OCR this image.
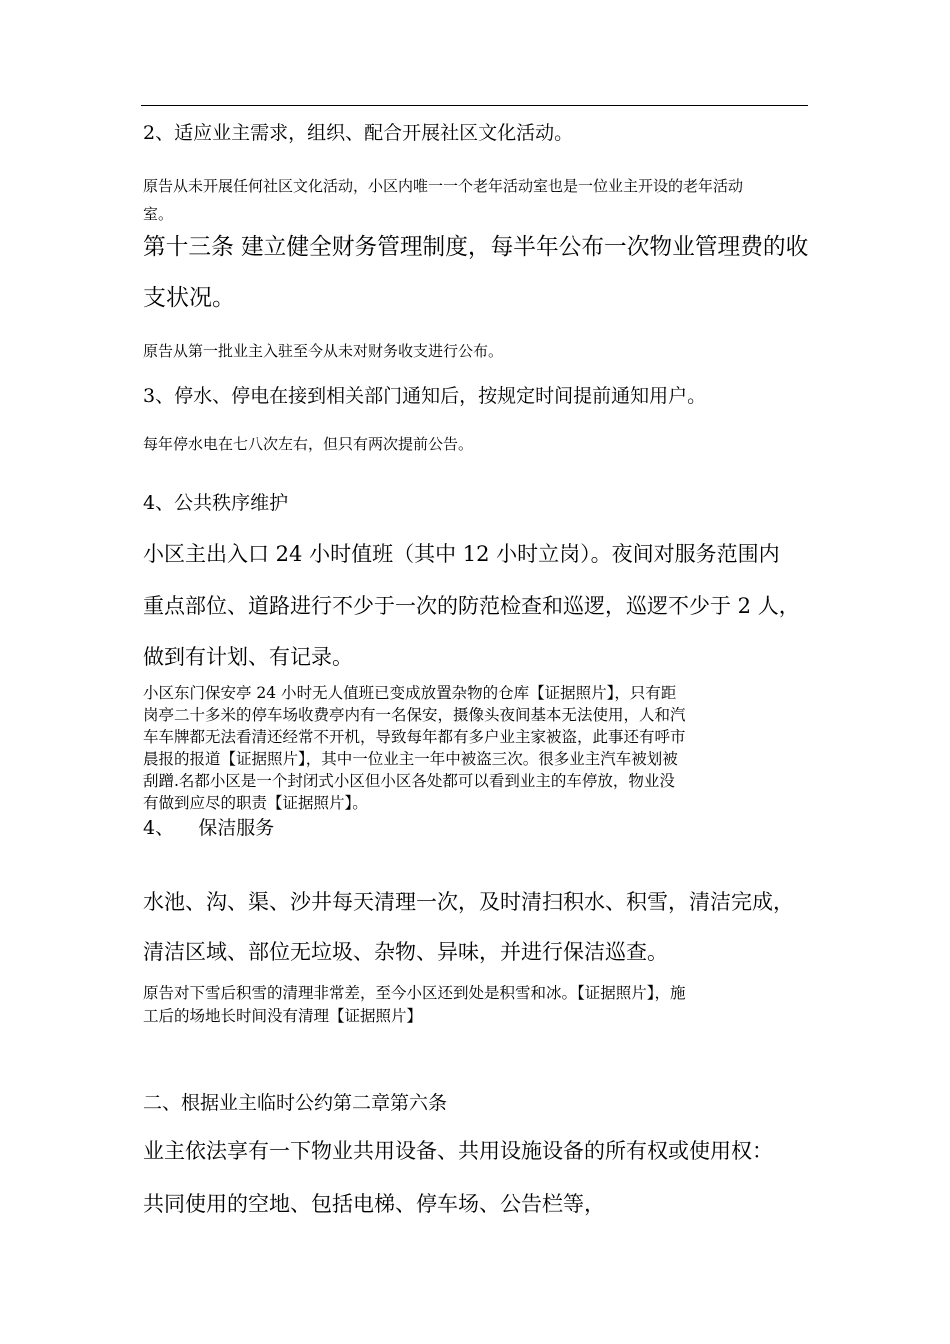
2、适应业主需求，组织、配合开展社区文化活动。

原告从未开展任何社区文化活动，小区内唯一一个老年活动室也是一位业主开设的老年活动

室。

第十三条 建立健全财务管理制度，每半年公布一次物业管理费的收

支状况。

原告从第一批业主入驻至今从未对财务收支进行公布。

3、停水、停电在接到相关部门通知后，按规定时间提前通知用户。

每年停水电在七八次左右，但只有两次提前公告。

4、公共秩序维护

小区主出入口 24 小时值班（其中 12 小时立岗）。夜间对服务范围内

重点部位、道路进行不少于一次的防范检查和巡逻，巡逻不少于 2 人，

做到有计划、有记录。

小区东门保安亭 24 小时无人值班已变成放置杂物的仓库【证据照片】，只有距

岗亭二十多米的停车场收费亭内有一名保安，摄像头夜间基本无法使用，人和汽

车车牌都无法看清还经常不开机，导致每年都有多户业主家被盗，此事还有呼市

晨报的报道【证据照片】，其中一位业主一年中被盗三次。很多业主汽车被划被

刮蹭.名都小区是一个封闭式小区但小区各处都可以看到业主的车停放，物业没

有做到应尽的职责【证据照片】。

4、    保洁服务

水池、沟、渠、沙井每天清理一次，及时清扫积水、积雪，清洁完成，

清洁区域、部位无垃圾、杂物、异味，并进行保洁巡查。

原告对下雪后积雪的清理非常差，至今小区还到处是积雪和冰。【证据照片】，施

工后的场地长时间没有清理【证据照片】

二、根据业主临时公约第二章第六条

业主依法享有一下物业共用设备、共用设施设备的所有权或使用权：

共同使用的空地、包括电梯、停车场、公告栏等，
